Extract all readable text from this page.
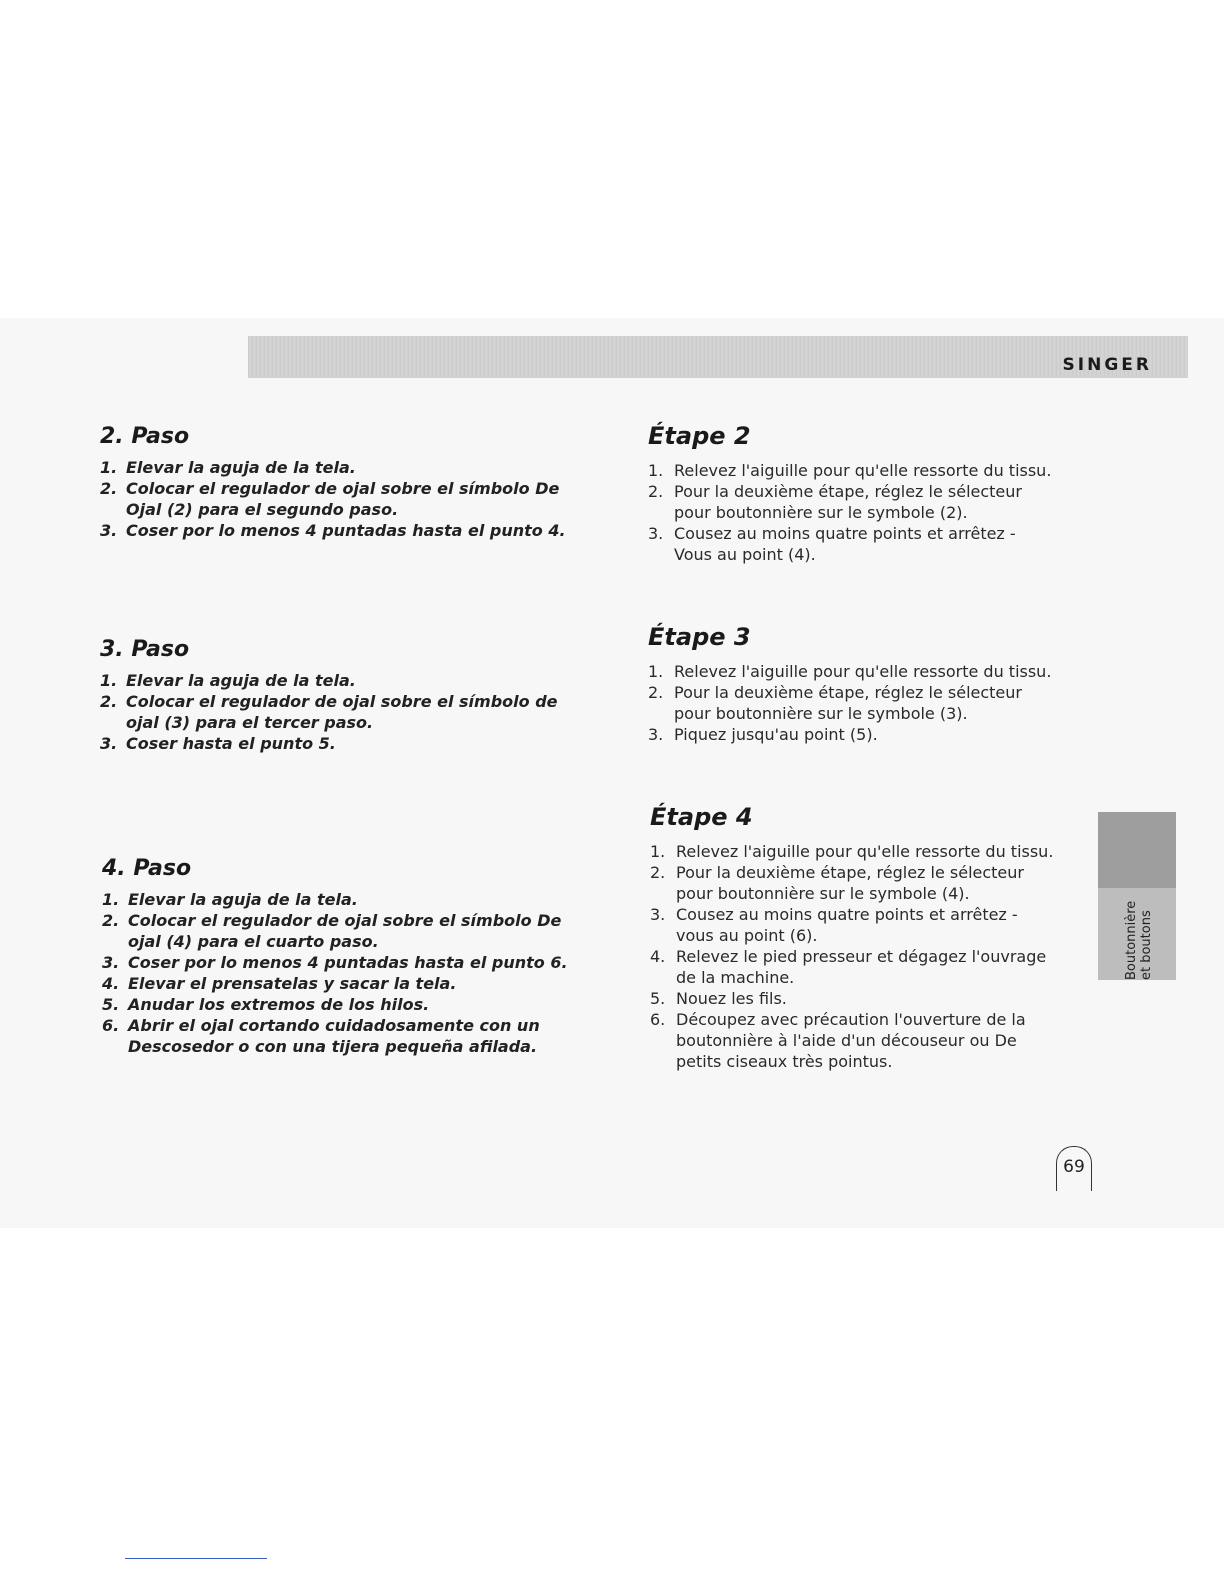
SINGER
2. Paso
1. Elevar la aguja de la tela.
2. Colocar el regulador de ojal sobre el símbolo De Ojal (2) para el segundo paso.
3. Coser por lo menos 4 puntadas hasta el punto 4.
3. Paso
1. Elevar la aguja de la tela.
2. Colocar el regulador de ojal sobre el símbolo de ojal (3) para el tercer paso.
3. Coser hasta el punto 5.
4. Paso
1. Elevar la aguja de la tela.
2. Colocar el regulador de ojal sobre el símbolo De ojal (4) para el cuarto paso.
3. Coser por lo menos 4 puntadas hasta el punto 6.
4. Elevar el prensatelas y sacar la tela.
5. Anudar los extremos de los hilos.
6. Abrir el ojal cortando cuidadosamente con un Descosedor o con una tijera pequeña afilada.
Étape 2
1. Relevez l'aiguille pour qu'elle ressorte du tissu.
2. Pour la deuxième étape, réglez le sélecteur pour boutonnière sur le symbole (2).
3. Cousez au moins quatre points et arrêtez - Vous au point (4).
Étape 3
1. Relevez l'aiguille pour qu'elle ressorte du tissu.
2. Pour la deuxième étape, réglez le sélecteur pour boutonnière sur le symbole (3).
3. Piquez jusqu'au point (5).
Étape 4
1. Relevez l'aiguille pour qu'elle ressorte du tissu.
2. Pour la deuxième étape, réglez le sélecteur pour boutonnière sur le symbole (4).
3. Cousez au moins quatre points et arrêtez - vous au point (6).
4. Relevez le pied presseur et dégagez l'ouvrage de la machine.
5. Nouez les fils.
6. Découpez avec précaution l'ouverture de la boutonnière à l'aide d'un découseur ou De petits ciseaux très pointus.
Boutonnière et boutons
69
